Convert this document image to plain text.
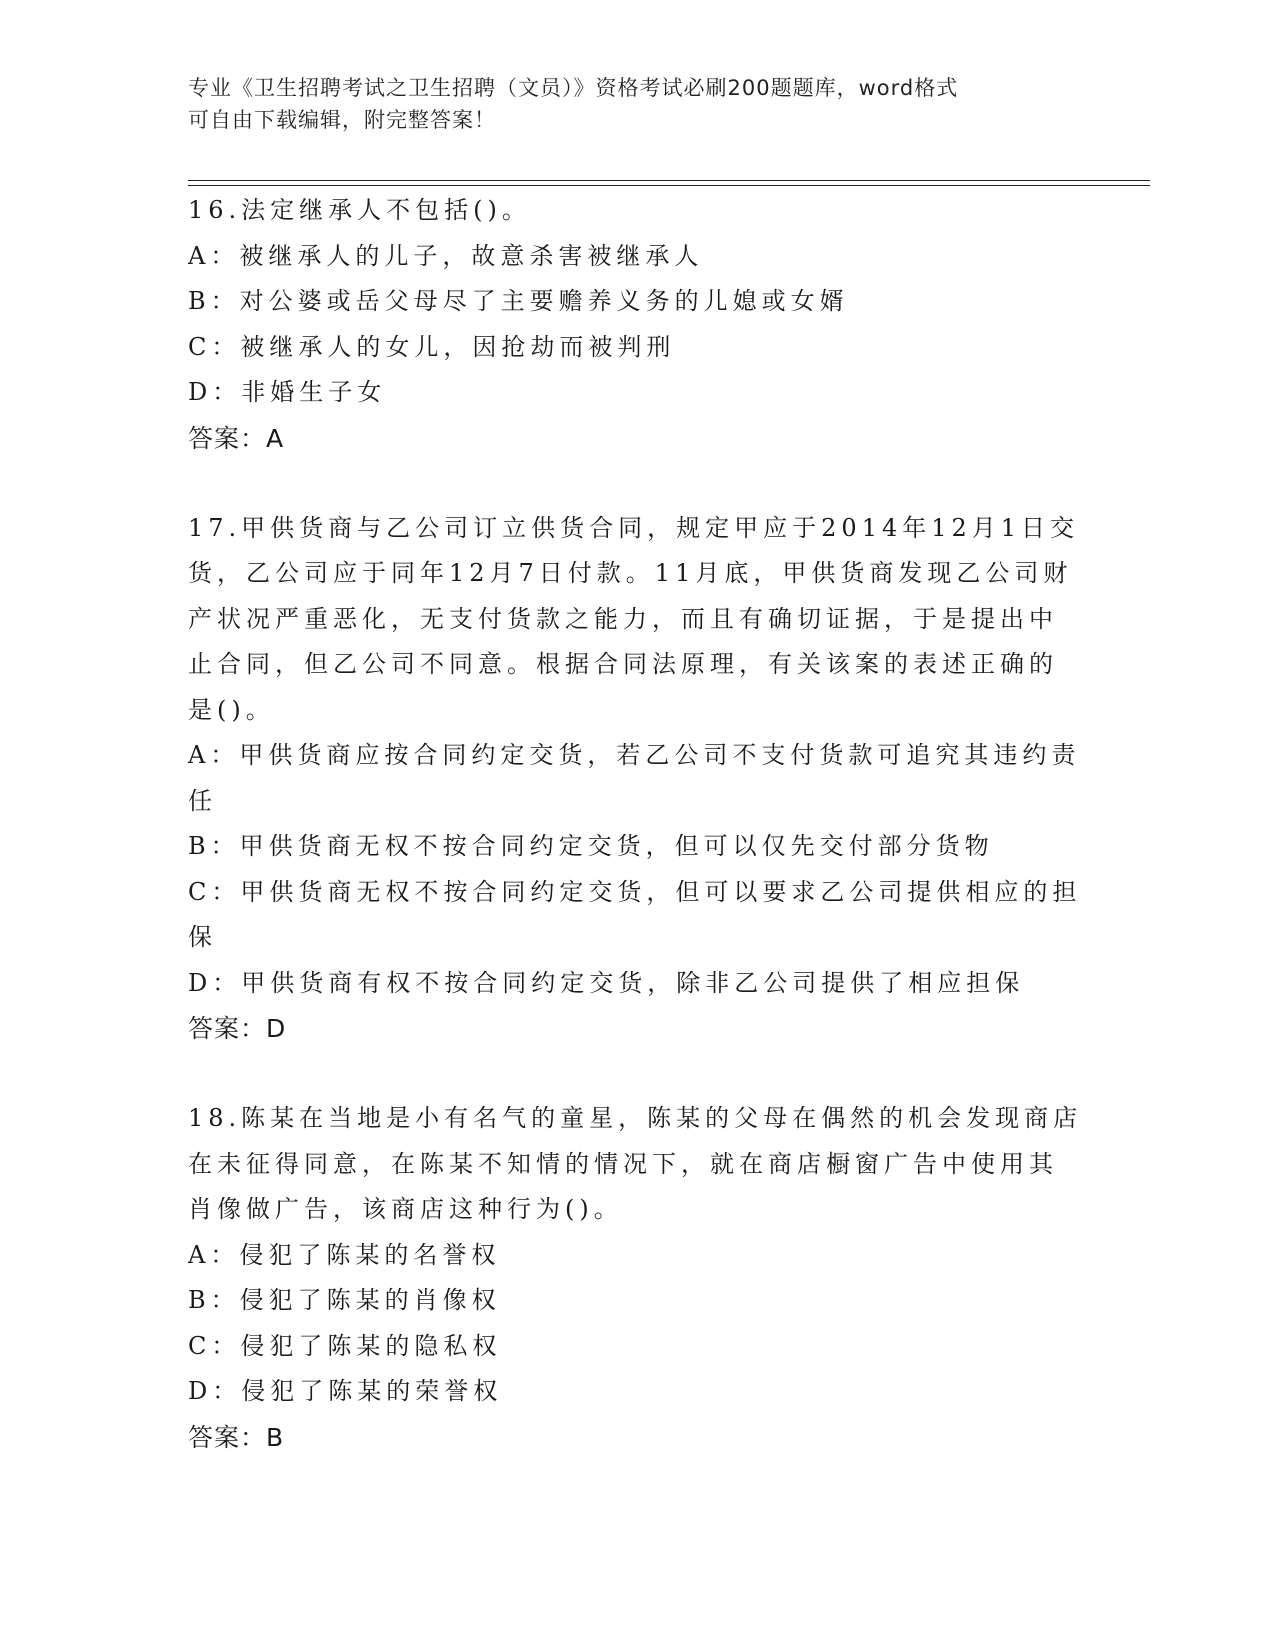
专业《卫生招聘考试之卫生招聘（文员）》资格考试必刷200题题库，word格式
可自由下载编辑，附完整答案！
16.法定继承人不包括()。
A：被继承人的儿子，故意杀害被继承人
B：对公婆或岳父母尽了主要赡养义务的儿媳或女婿
C：被继承人的女儿，因抢劫而被判刑
D：非婚生子女
答案：A
17.甲供货商与乙公司订立供货合同，规定甲应于2014年12月1日交
货，乙公司应于同年12月7日付款。11月底，甲供货商发现乙公司财
产状况严重恶化，无支付货款之能力，而且有确切证据，于是提出中
止合同，但乙公司不同意。根据合同法原理，有关该案的表述正确的
是()。
A：甲供货商应按合同约定交货，若乙公司不支付货款可追究其违约责
任
B：甲供货商无权不按合同约定交货，但可以仅先交付部分货物
C：甲供货商无权不按合同约定交货，但可以要求乙公司提供相应的担
保
D：甲供货商有权不按合同约定交货，除非乙公司提供了相应担保
答案：D
18.陈某在当地是小有名气的童星，陈某的父母在偶然的机会发现商店
在未征得同意，在陈某不知情的情况下，就在商店橱窗广告中使用其
肖像做广告，该商店这种行为()。
A：侵犯了陈某的名誉权
B：侵犯了陈某的肖像权
C：侵犯了陈某的隐私权
D：侵犯了陈某的荣誉权
答案：B
